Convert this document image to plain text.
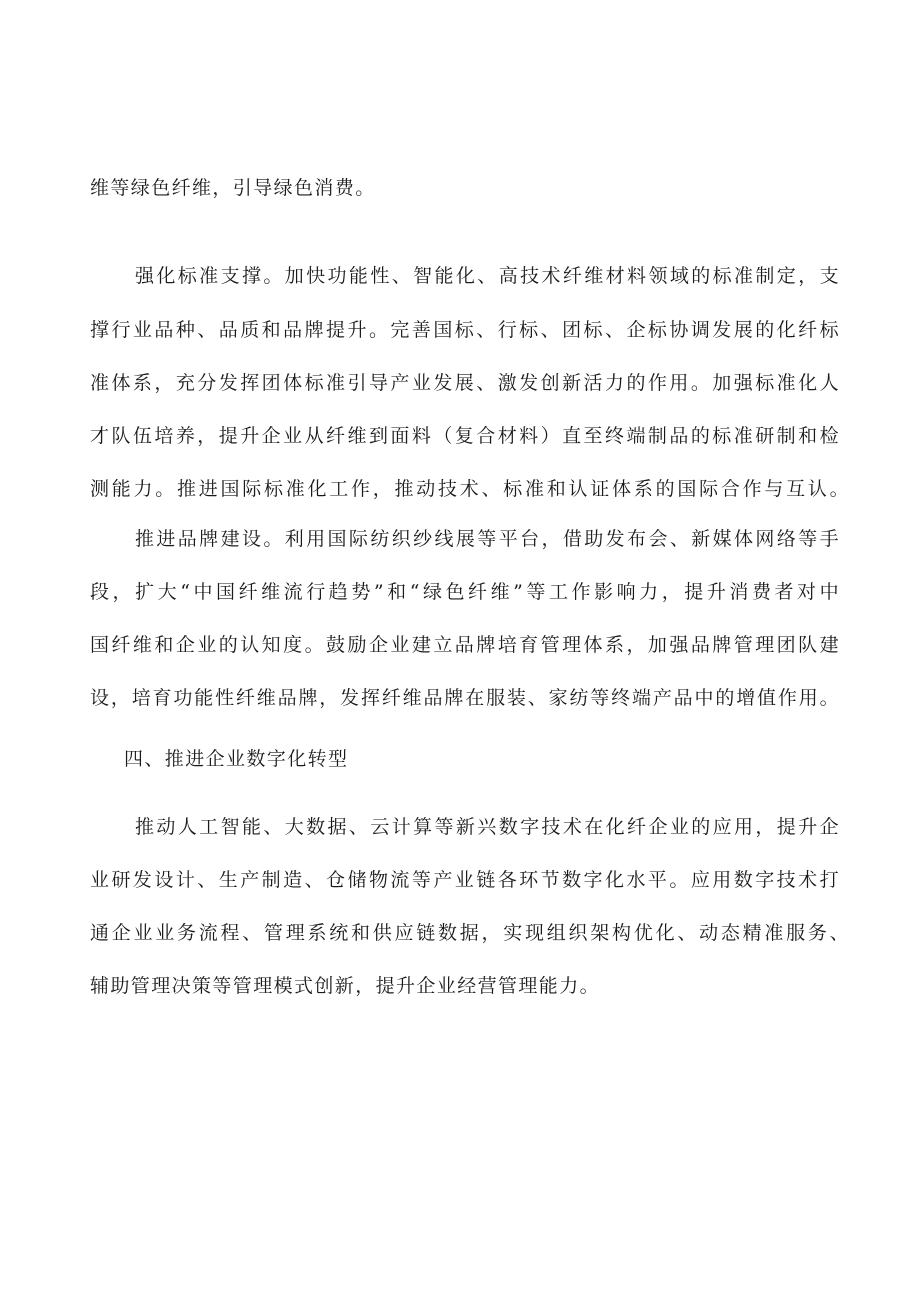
维等绿色纤维，引导绿色消费。
强化标准支撑。加快功能性、智能化、高技术纤维材料领域的标准制定，支
撑行业品种、品质和品牌提升。完善国标、行标、团标、企标协调发展的化纤标
准体系，充分发挥团体标准引导产业发展、激发创新活力的作用。加强标准化人
才队伍培养，提升企业从纤维到面料（复合材料）直至终端制品的标准研制和检
测能力。推进国际标准化工作，推动技术、标准和认证体系的国际合作与互认。
推进品牌建设。利用国际纺织纱线展等平台，借助发布会、新媒体网络等手
段，扩大“中国纤维流行趋势”和“绿色纤维”等工作影响力，提升消费者对中
国纤维和企业的认知度。鼓励企业建立品牌培育管理体系，加强品牌管理团队建
设，培育功能性纤维品牌，发挥纤维品牌在服装、家纺等终端产品中的增值作用。
四、推进企业数字化转型
推动人工智能、大数据、云计算等新兴数字技术在化纤企业的应用，提升企
业研发设计、生产制造、仓储物流等产业链各环节数字化水平。应用数字技术打
通企业业务流程、管理系统和供应链数据，实现组织架构优化、动态精准服务、
辅助管理决策等管理模式创新，提升企业经营管理能力。
